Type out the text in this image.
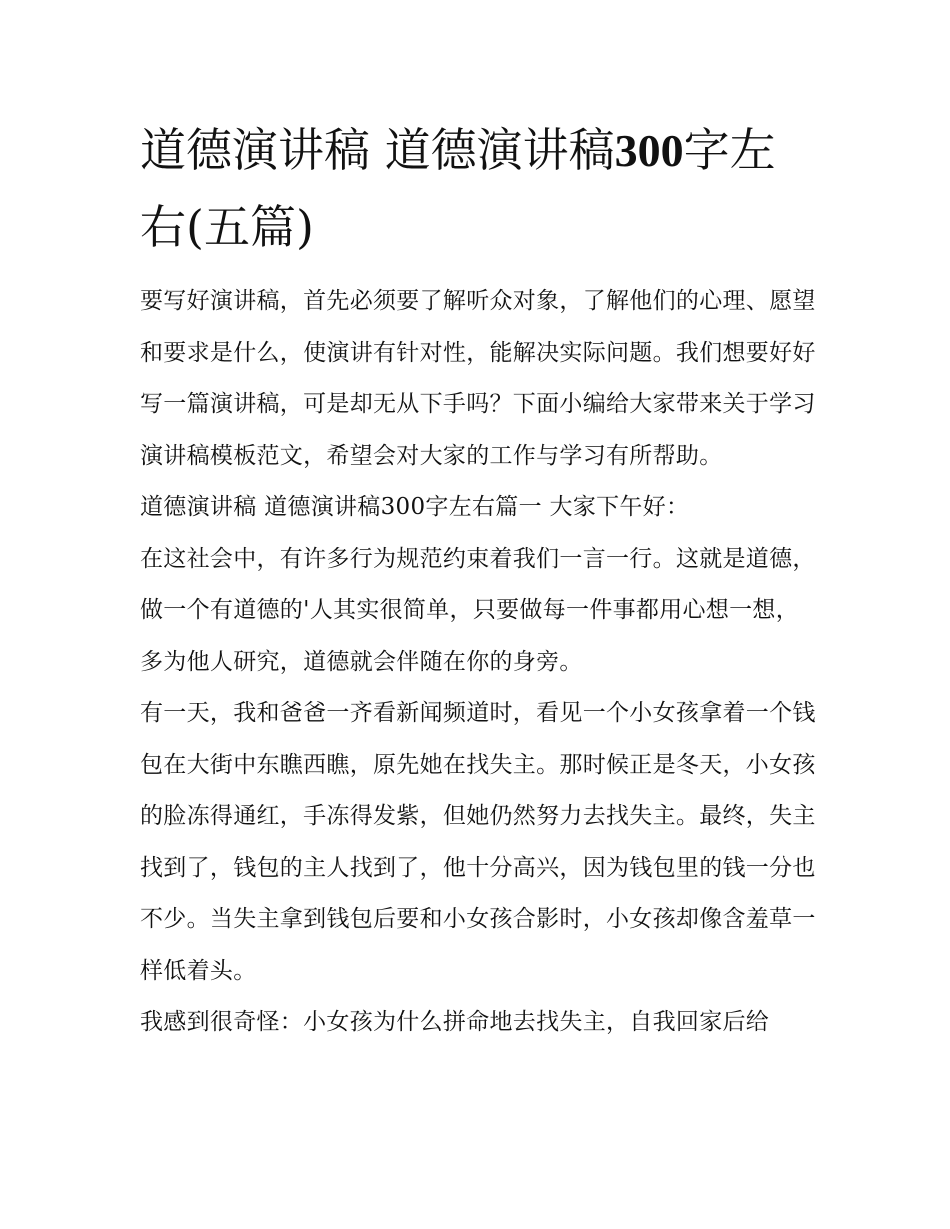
道德演讲稿 道德演讲稿300字左右(五篇)

要写好演讲稿，首先必须要了解听众对象，了解他们的心理、愿望和要求是什么，使演讲有针对性，能解决实际问题。我们想要好好写一篇演讲稿，可是却无从下手吗？下面小编给大家带来关于学习演讲稿模板范文，希望会对大家的工作与学习有所帮助。

道德演讲稿 道德演讲稿300字左右篇一 大家下午好：

在这社会中，有许多行为规范约束着我们一言一行。这就是道德，做一个有道德的'人其实很简单，只要做每一件事都用心想一想，多为他人研究，道德就会伴随在你的身旁。

有一天，我和爸爸一齐看新闻频道时，看见一个小女孩拿着一个钱包在大街中东瞧西瞧，原先她在找失主。那时候正是冬天，小女孩的脸冻得通红，手冻得发紫，但她仍然努力去找失主。最终，失主找到了，钱包的主人找到了，他十分高兴，因为钱包里的钱一分也不少。当失主拿到钱包后要和小女孩合影时，小女孩却像含羞草一样低着头。

我感到很奇怪：小女孩为什么拼命地去找失主，自我回家后给
